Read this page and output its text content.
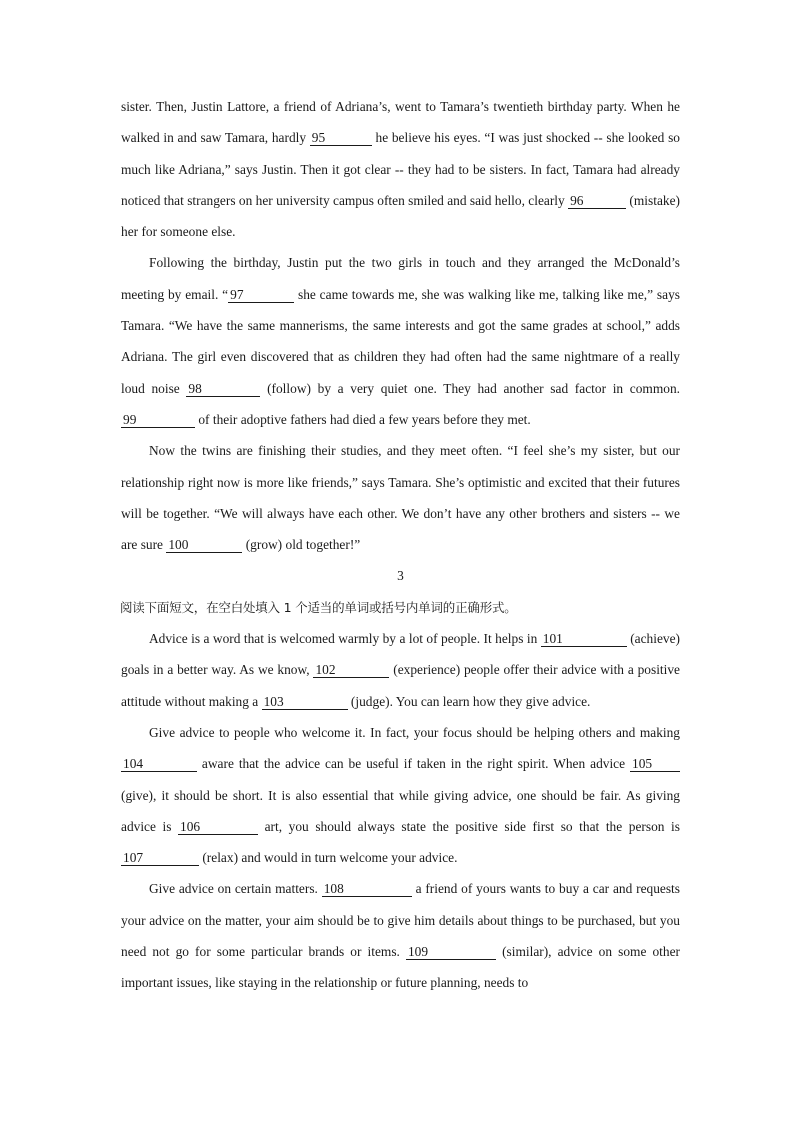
sister. Then, Justin Lattore, a friend of Adriana’s, went to Tamara’s twentieth birthday party. When he walked in and saw Tamara, hardly 95	he believe his eyes. “I was just shocked -- she looked so much like Adriana,” says Justin. Then it got clear -- they had to be sisters. In fact, Tamara had already noticed that strangers on her university campus often smiled and said hello, clearly 96	(mistake) her for someone else.

Following the birthday, Justin put the two girls in touch and they arranged the McDonald’s meeting by email. “ 97	she came towards me, she was walking like me, talking like me,” says Tamara. “We have the same mannerisms, the same interests and got the same grades at school,” adds Adriana. The girl even discovered that as children they had often had the same nightmare of a really loud noise 98	(follow) by a very quiet one. They had another sad factor in common. 99	of their adoptive fathers had died a few years before they met.

Now the twins are finishing their studies, and they meet often. “I feel she’s my sister, but our relationship right now is more like friends,” says Tamara. She’s optimistic and excited that their futures will be together. “We will always have each other. We don’t have any other brothers and sisters -- we are sure 100	(grow) old together!”

3

阅读下面短文，在空白处填入 1 个适当的单词或括号内单词的正确形式。

Advice is a word that is welcomed warmly by a lot of people. It helps in 101	(achieve) goals in a better way. As we know, 102	(experience) people offer their advice with a positive attitude without making a 103	(judge). You can learn how they give advice.

Give advice to people who welcome it. In fact, your focus should be helping others and making 104	aware that the advice can be useful if taken in the right spirit. When advice 105 (give), it should be short. It is also essential that while giving advice, one should be fair. As giving advice is 106	art, you should always state the positive side first so that the person is 107	(relax) and would in turn welcome your advice.

Give advice on certain matters. 108	a friend of yours wants to buy a car and requests your advice on the matter, your aim should be to give him details about things to be purchased, but you need not go for some particular brands or items. 109	(similar), advice on some other important issues, like staying in the relationship or future planning, needs to
